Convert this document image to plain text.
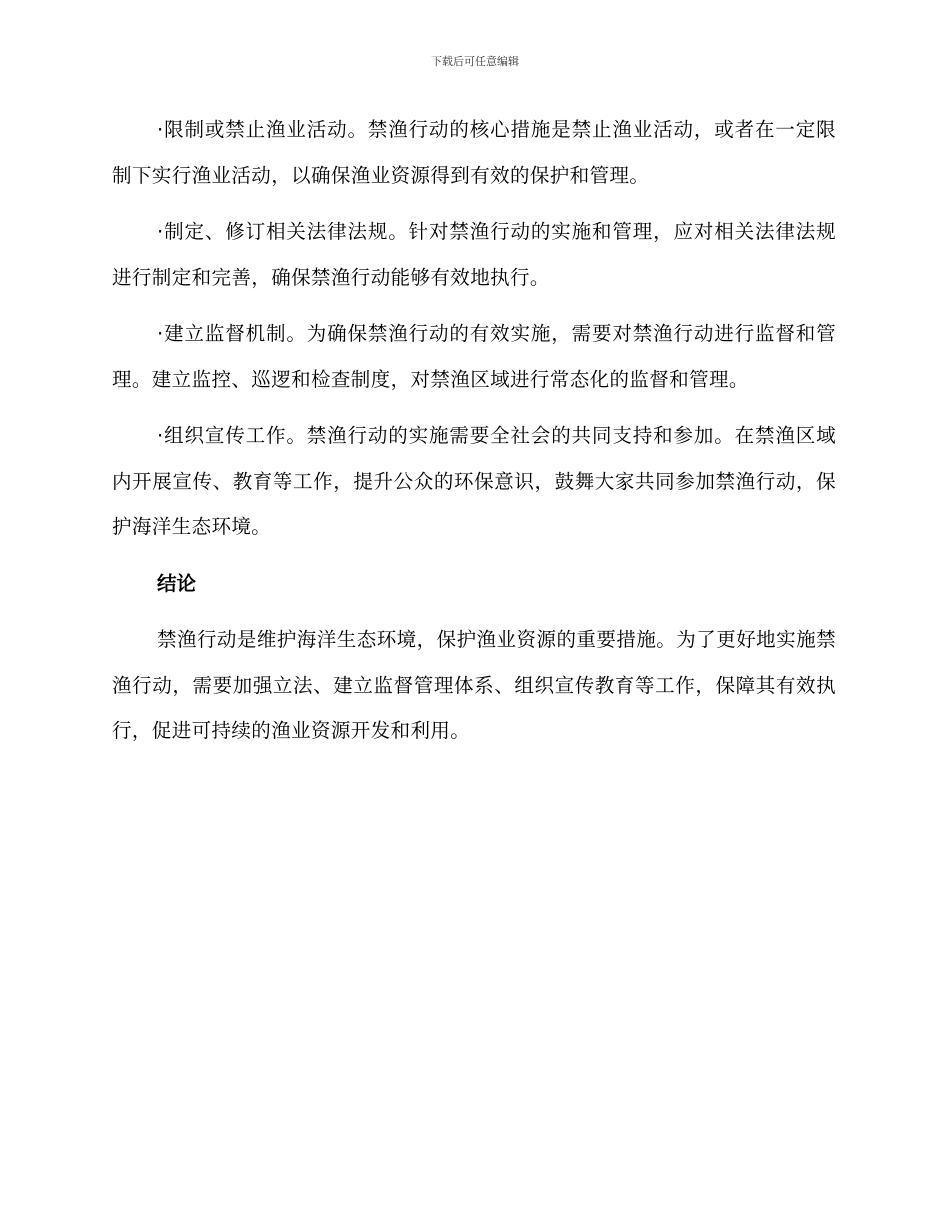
下载后可任意编辑

·限制或禁止渔业活动。禁渔行动的核心措施是禁止渔业活动，或者在一定限制下实行渔业活动，以确保渔业资源得到有效的保护和管理。

·制定、修订相关法律法规。针对禁渔行动的实施和管理，应对相关法律法规进行制定和完善，确保禁渔行动能够有效地执行。

·建立监督机制。为确保禁渔行动的有效实施，需要对禁渔行动进行监督和管理。建立监控、巡逻和检查制度，对禁渔区域进行常态化的监督和管理。

·组织宣传工作。禁渔行动的实施需要全社会的共同支持和参加。在禁渔区域内开展宣传、教育等工作，提升公众的环保意识，鼓舞大家共同参加禁渔行动，保护海洋生态环境。

结论

禁渔行动是维护海洋生态环境，保护渔业资源的重要措施。为了更好地实施禁渔行动，需要加强立法、建立监督管理体系、组织宣传教育等工作，保障其有效执行，促进可持续的渔业资源开发和利用。
